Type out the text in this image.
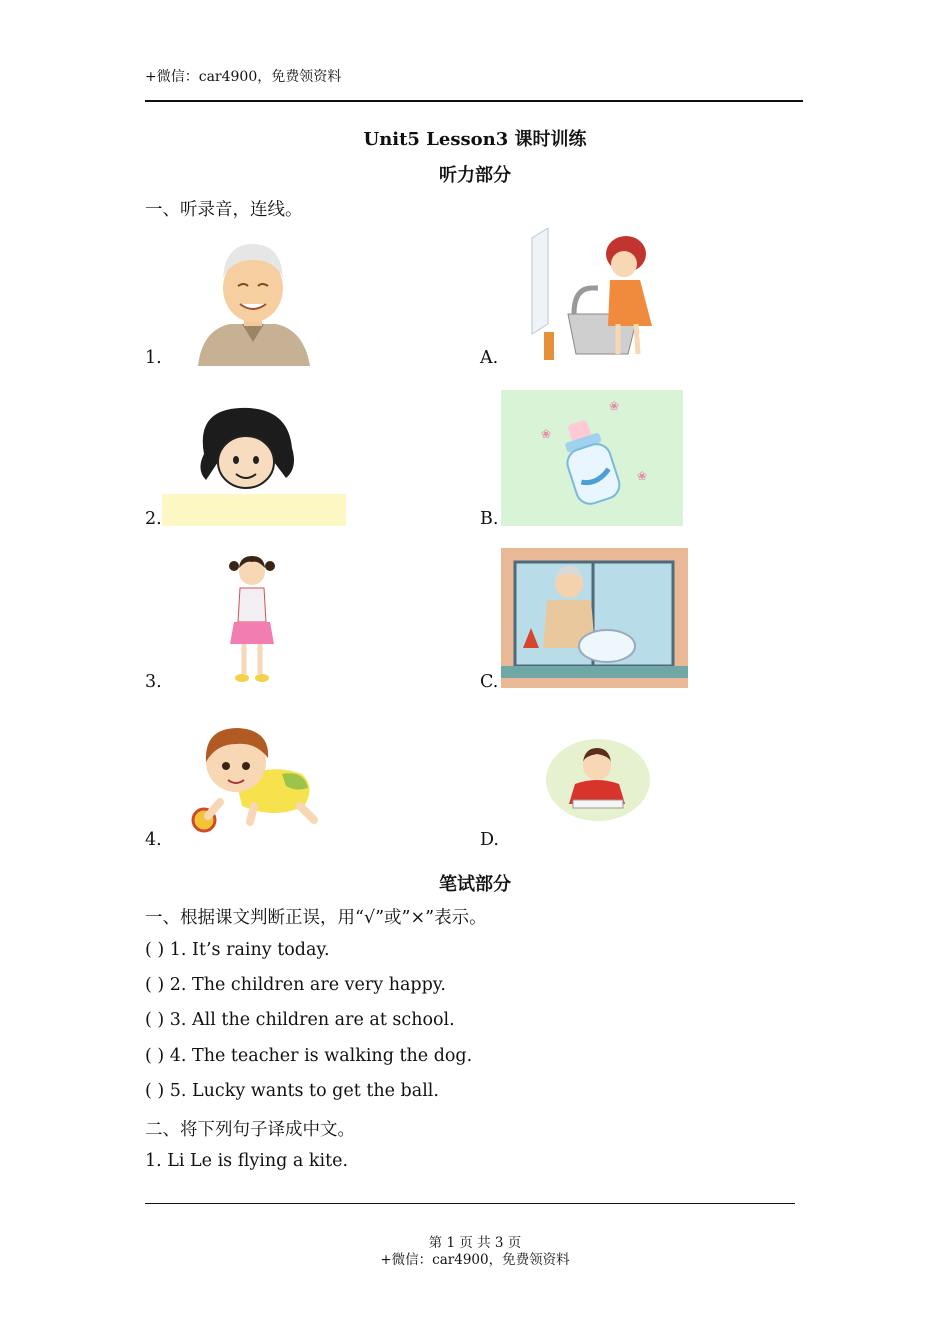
+微信：car4900，免费领资料
Unit5 Lesson3 课时训练
听力部分
一、听录音，连线。
1.	A.
2.	B.
❀
❀
❀
3.	C.
4.	D.
笔试部分
一、根据课文判断正误，用“√”或”×”表示。
( ) 1. It’s rainy today.
( ) 2. The children are very happy.
( ) 3. All the children are at school.
( ) 4. The teacher is walking the dog.
( ) 5. Lucky wants to get the ball.
二、将下列句子译成中文。
1. Li Le is flying a kite.
第 1 页 共 3 页
+微信：car4900，免费领资料
